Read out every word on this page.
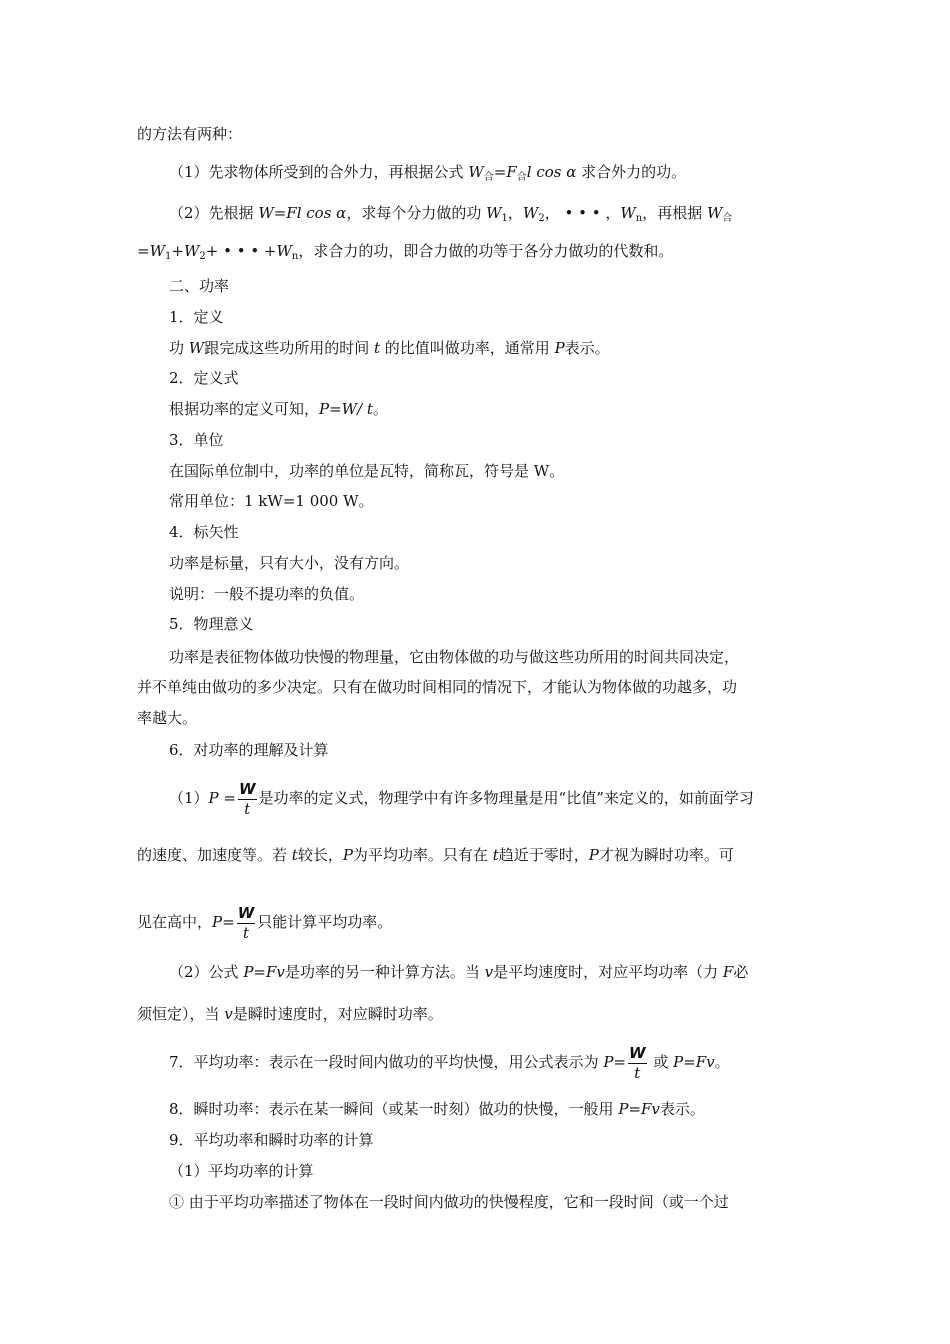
的方法有两种：
（1）先求物体所受到的合外力，再根据公式 $W_合=F_合l$ cos α 求合外力的功。
（2）先根据 W=Fl cos α，求每个分力做的功 $W_1$，$W_2$， • • • ，$W_n$，再根据 $W_合$
$=W_1+W_2+$ • • • $+W_n$，求合力的功，即合力做的功等于各分力做功的代数和。
二、功率
1．定义
功 W跟完成这些功所用的时间 t 的比值叫做功率，通常用 P表示。
2．定义式
根据功率的定义可知，P=W/ t。
3．单位
在国际单位制中，功率的单位是瓦特，简称瓦，符号是 W。
常用单位：1 kW=1 000 W。
4．标矢性
功率是标量，只有大小，没有方向。
说明：一般不提功率的负值。
5．物理意义
功率是表征物体做功快慢的物理量，它由物体做的功与做这些功所用的时间共同决定，
并不单纯由做功的多少决定。只有在做功时间相同的情况下，才能认为物体做的功越多，功
率越大。
6．对功率的理解及计算
$(1)P = \frac{W}{t}$ 是功率的定义式，物理学中有许多物理量是用“比值”来定义的，如前面学习
的速度、加速度等。若 t较长，P为平均功率。只有在 t趋近于零时，P才视为瞬时功率。可
见在高中，$P= \frac{W}{t}$ 只能计算平均功率。
（2）公式 P=Fv是功率的另一种计算方法。当 v是平均速度时，对应平均功率（力 F必
须恒定），当 v是瞬时速度时，对应瞬时功率。
7．平均功率：表示在一段时间内做功的平均快慢，用公式表示为 $P= \frac{W}{t}$ 或 P=Fv。
8．瞬时功率：表示在某一瞬间（或某一时刻）做功的快慢，一般用 P=Fv表示。
9．平均功率和瞬时功率的计算
（1）平均功率的计算
① 由于平均功率描述了物体在一段时间内做功的快慢程度，它和一段时间（或一个过
